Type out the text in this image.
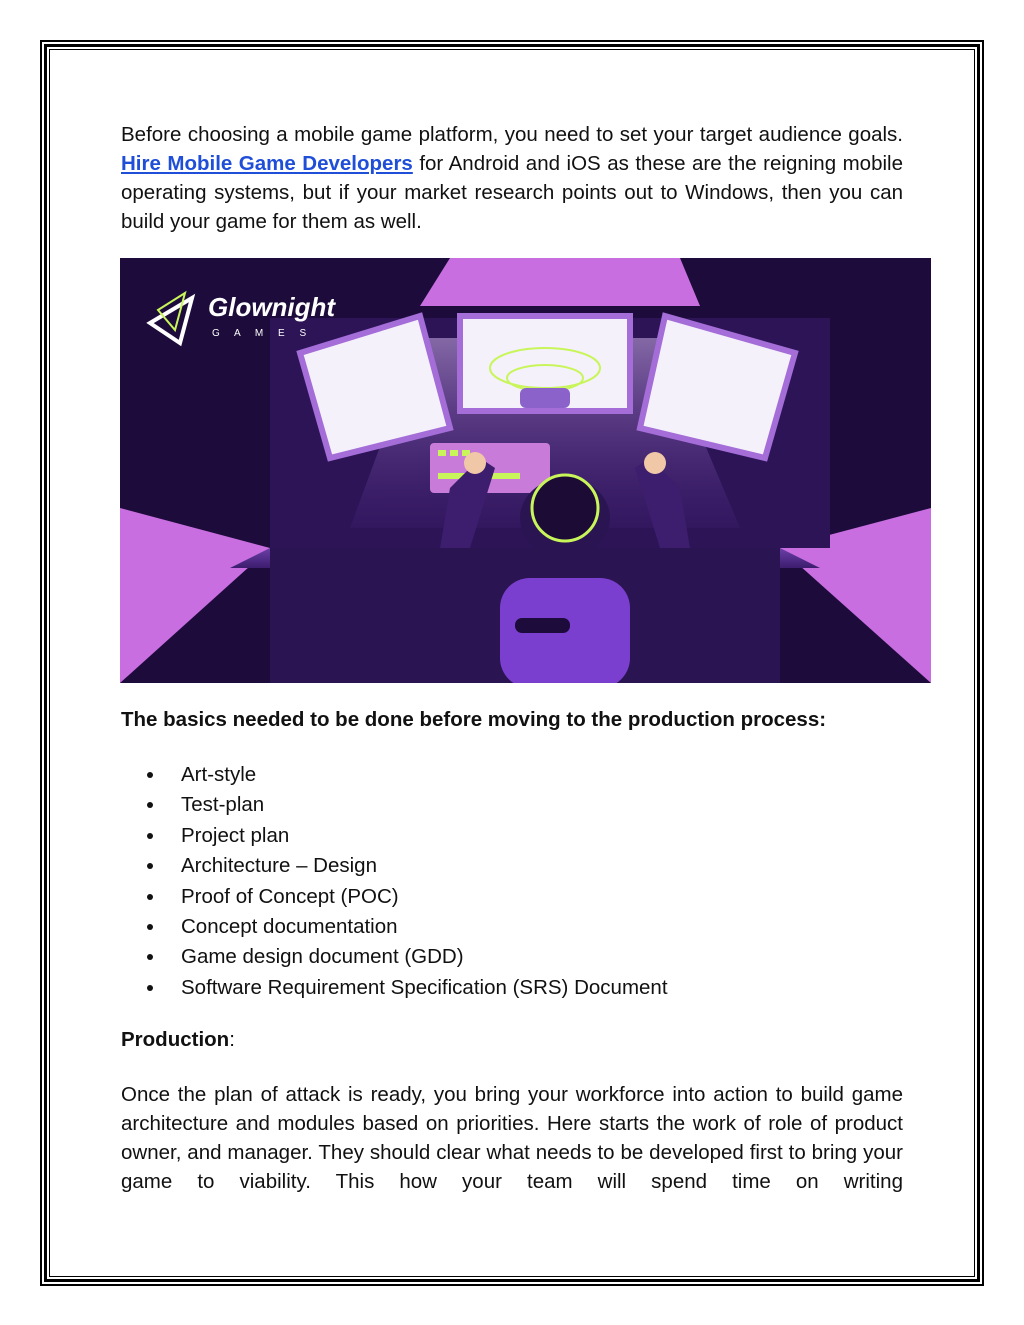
Before choosing a mobile game platform, you need to set your target audience goals. Hire Mobile Game Developers for Android and iOS as these are the reigning mobile operating systems, but if your market research points out to Windows, then you can build your game for them as well.

Glownight
G A M E S

The basics needed to be done before moving to the production process:

Art-style
Test-plan
Project plan
Architecture – Design
Proof of Concept (POC)
Concept documentation
Game design document (GDD)
Software Requirement Specification (SRS) Document

Production:

Once the plan of attack is ready, you bring your workforce into action to build game architecture and modules based on priorities. Here starts the work of role of product owner, and manager. They should clear what needs to be developed first to bring your game to viability. This how your team will spend time on writing
